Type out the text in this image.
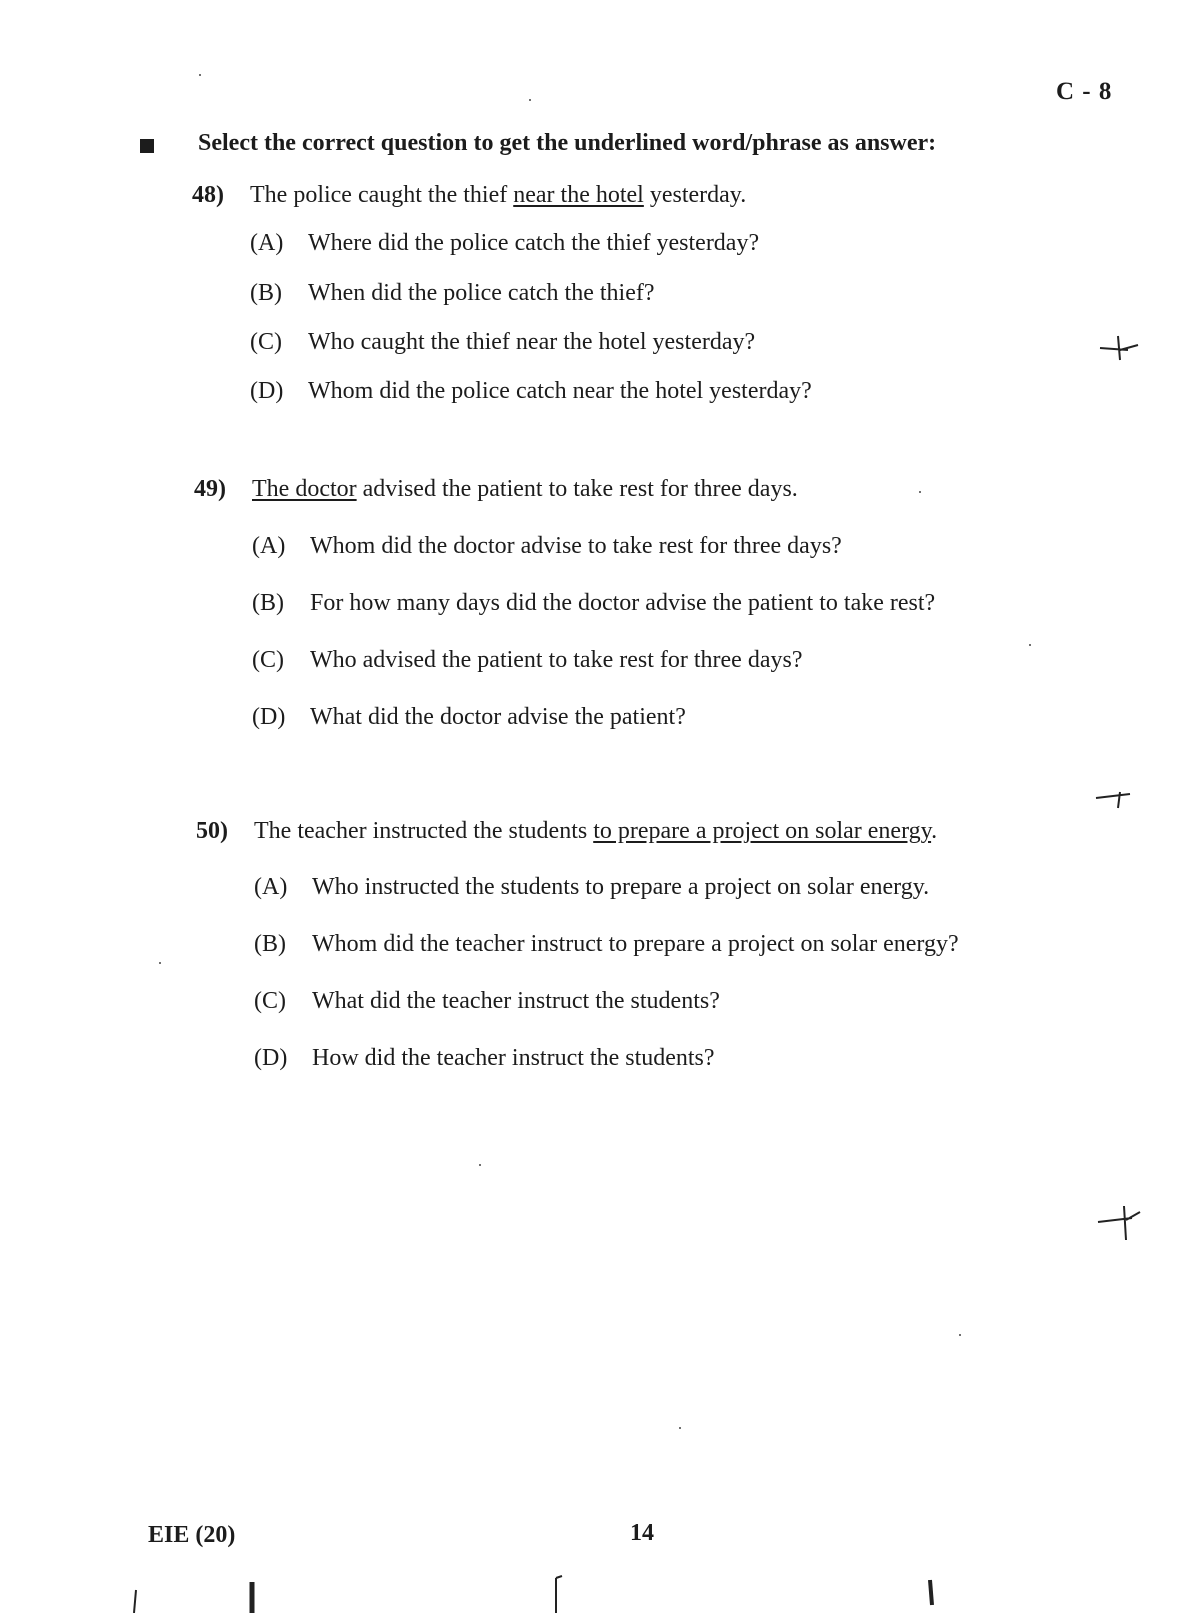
C - 8
Select the correct question to get the underlined word/phrase as answer:
48) The police caught the thief near the hotel yesterday.
(A) Where did the police catch the thief yesterday?
(B) When did the police catch the thief?
(C) Who caught the thief near the hotel yesterday?
(D) Whom did the police catch near the hotel yesterday?
49) The doctor advised the patient to take rest for three days.
(A) Whom did the doctor advise to take rest for three days?
(B) For how many days did the doctor advise the patient to take rest?
(C) Who advised the patient to take rest for three days?
(D) What did the doctor advise the patient?
50) The teacher instructed the students to prepare a project on solar energy.
(A) Who instructed the students to prepare a project on solar energy.
(B) Whom did the teacher instruct to prepare a project on solar energy?
(C) What did the teacher instruct the students?
(D) How did the teacher instruct the students?
EIE (20)	14
